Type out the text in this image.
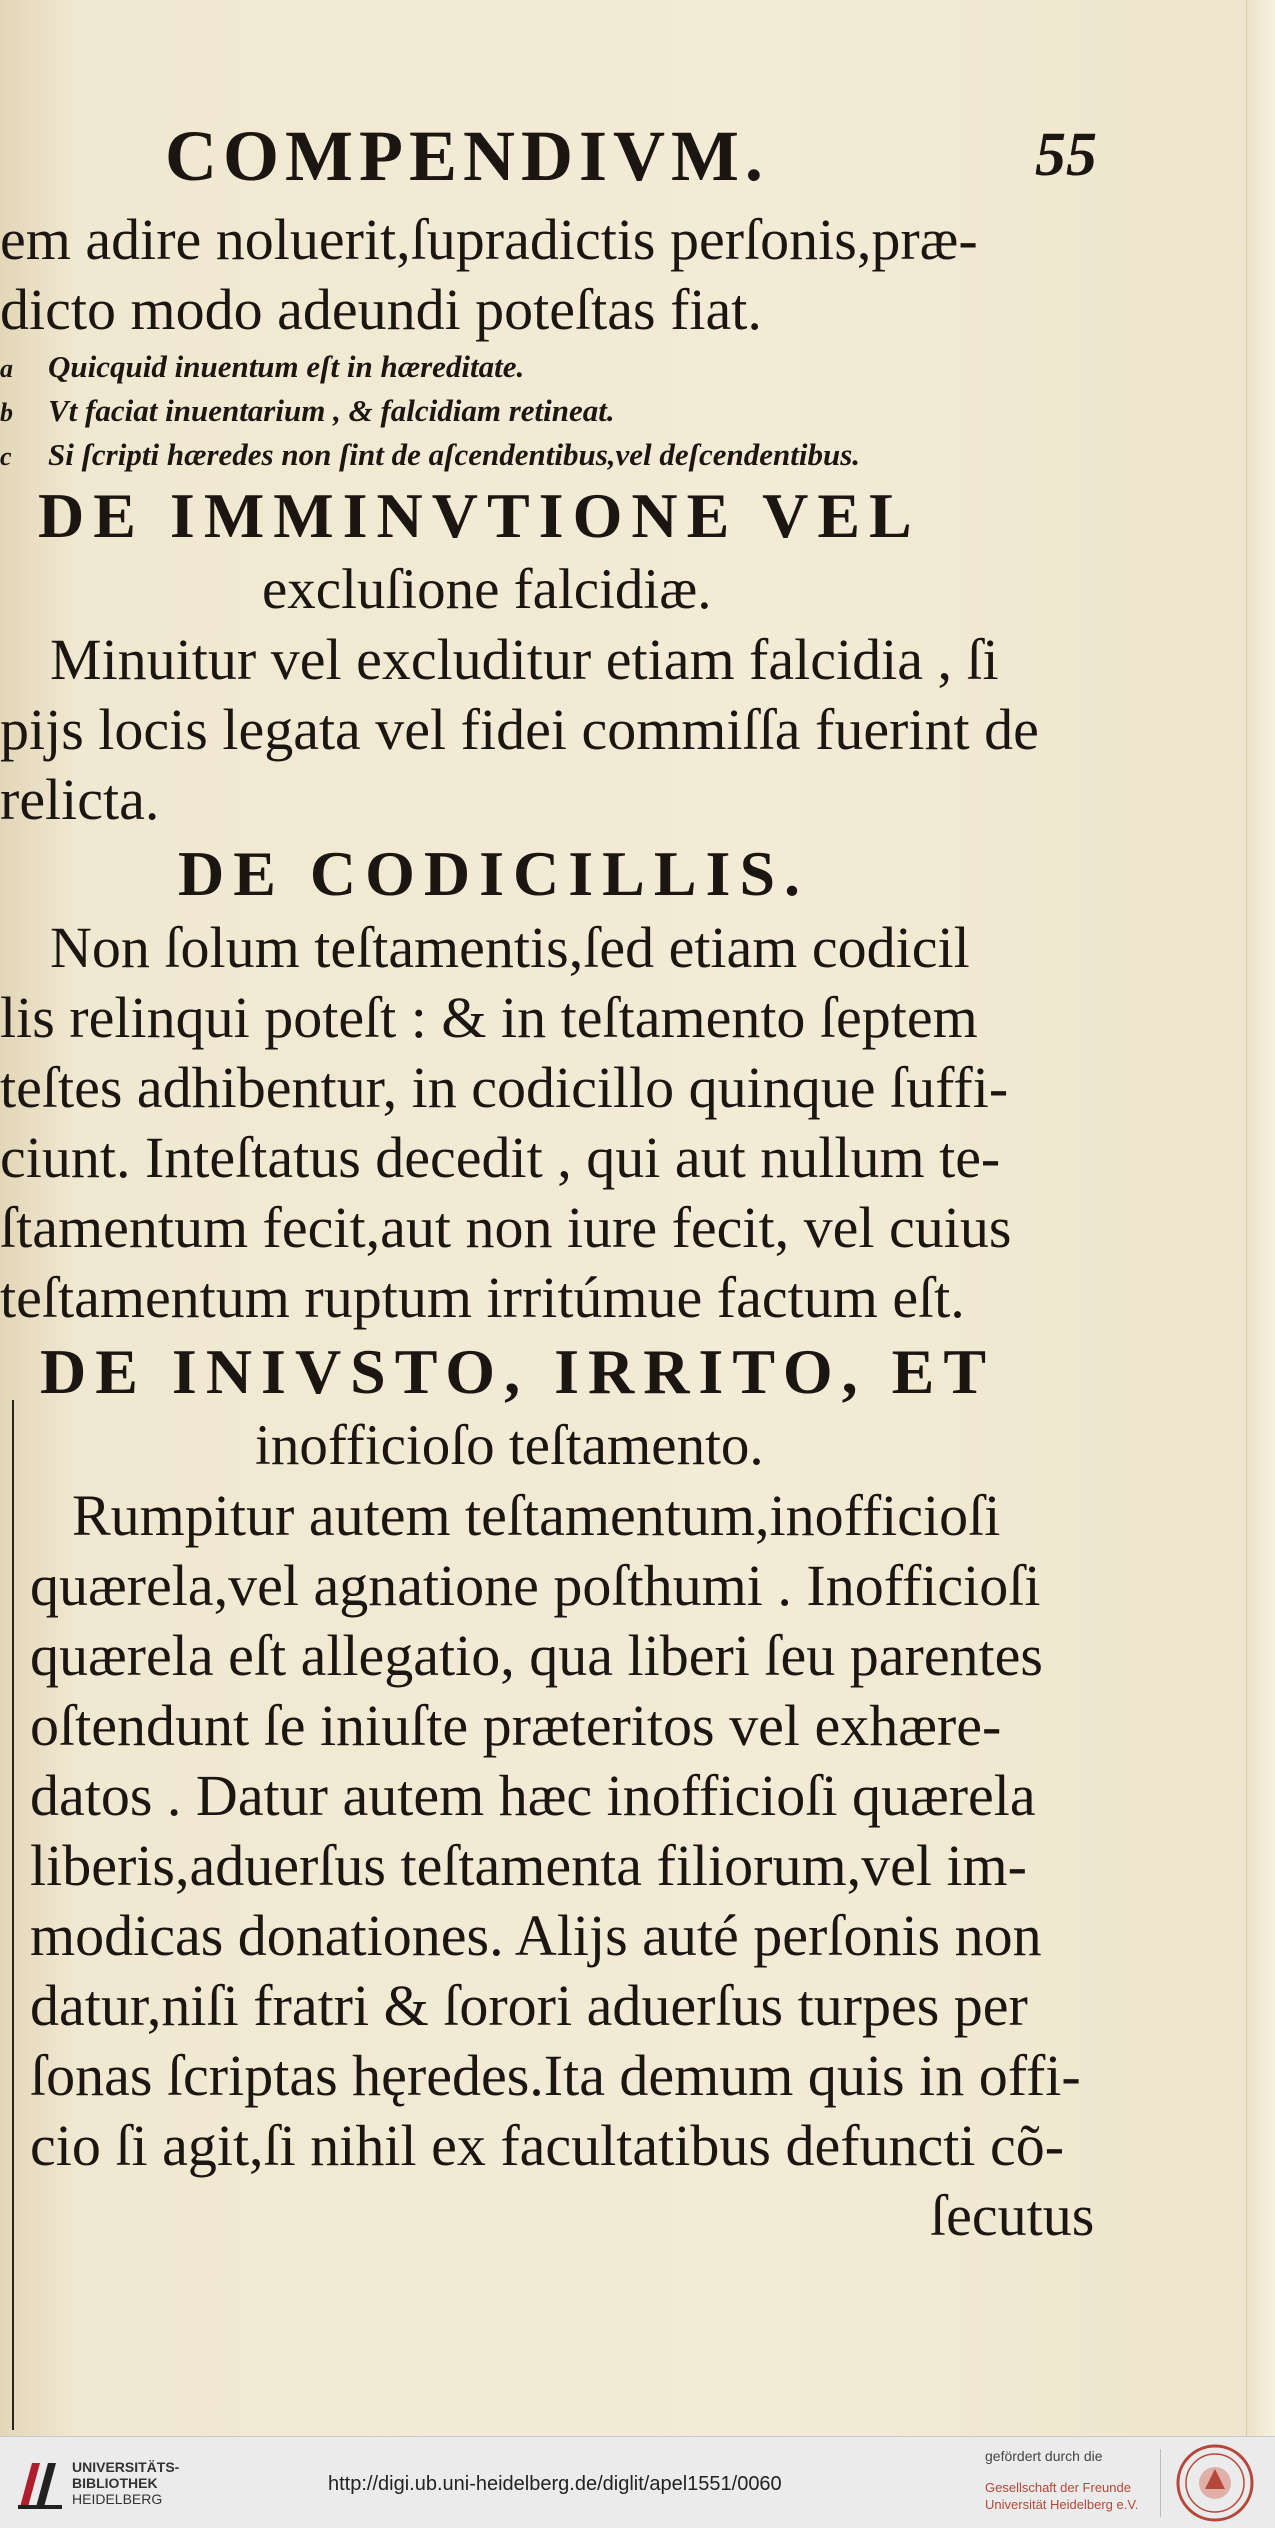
COMPENDIVM.	55
em adire noluerit,ſupradictis perſonis,præ-
dicto modo adeundi poteſtas fiat.
a Quicquid inuentum eſt in hæreditate.
b Vt faciat inuentarium , & falcidiam retineat.
c Si ſcripti hæredes non ſint de aſcendentibus,vel deſcendentibus.
DE IMMINVTIONE VEL
excluſione falcidiæ.
Minuitur vel excluditur etiam falcidia , ſi
pijs locis legata vel fidei commiſſa fuerint de
relicta.
DE CODICILLIS.
Non ſolum teſtamentis,ſed etiam codicil
lis relinqui poteſt : & in teſtamento ſeptem
teſtes adhibentur, in codicillo quinque ſuffi-
ciunt. Inteſtatus decedit , qui aut nullum te-
ſtamentum fecit,aut non iure fecit, vel cuius
teſtamentum ruptum irritúmue factum eſt.
DE INIVSTO, IRRITO, ET
inofficioſo teſtamento.
Rumpitur autem teſtamentum,inofficioſi
quærela,vel agnatione poſthumi . Inofficioſi
quærela eſt allegatio, qua liberi ſeu parentes
oſtendunt ſe iniuſte præteritos vel exhære-
datos . Datur autem hæc inofficioſi quærela
liberis,aduerſus teſtamenta filiorum,vel im-
modicas donationes. Alijs auté perſonis non
datur,niſi fratri & ſorori aduerſus turpes per
ſonas ſcriptas hęredes.Ita demum quis in offi-
cio ſi agit,ſi nihil ex facultatibus defuncti cõ-
ſecutus
UNIVERSITÄTS-
BIBLIOTHEK
HEIDELBERG
http://digi.ub.uni-heidelberg.de/diglit/apel1551/0060
gefördert durch die
Gesellschaft der Freunde
Universität Heidelberg e.V.
